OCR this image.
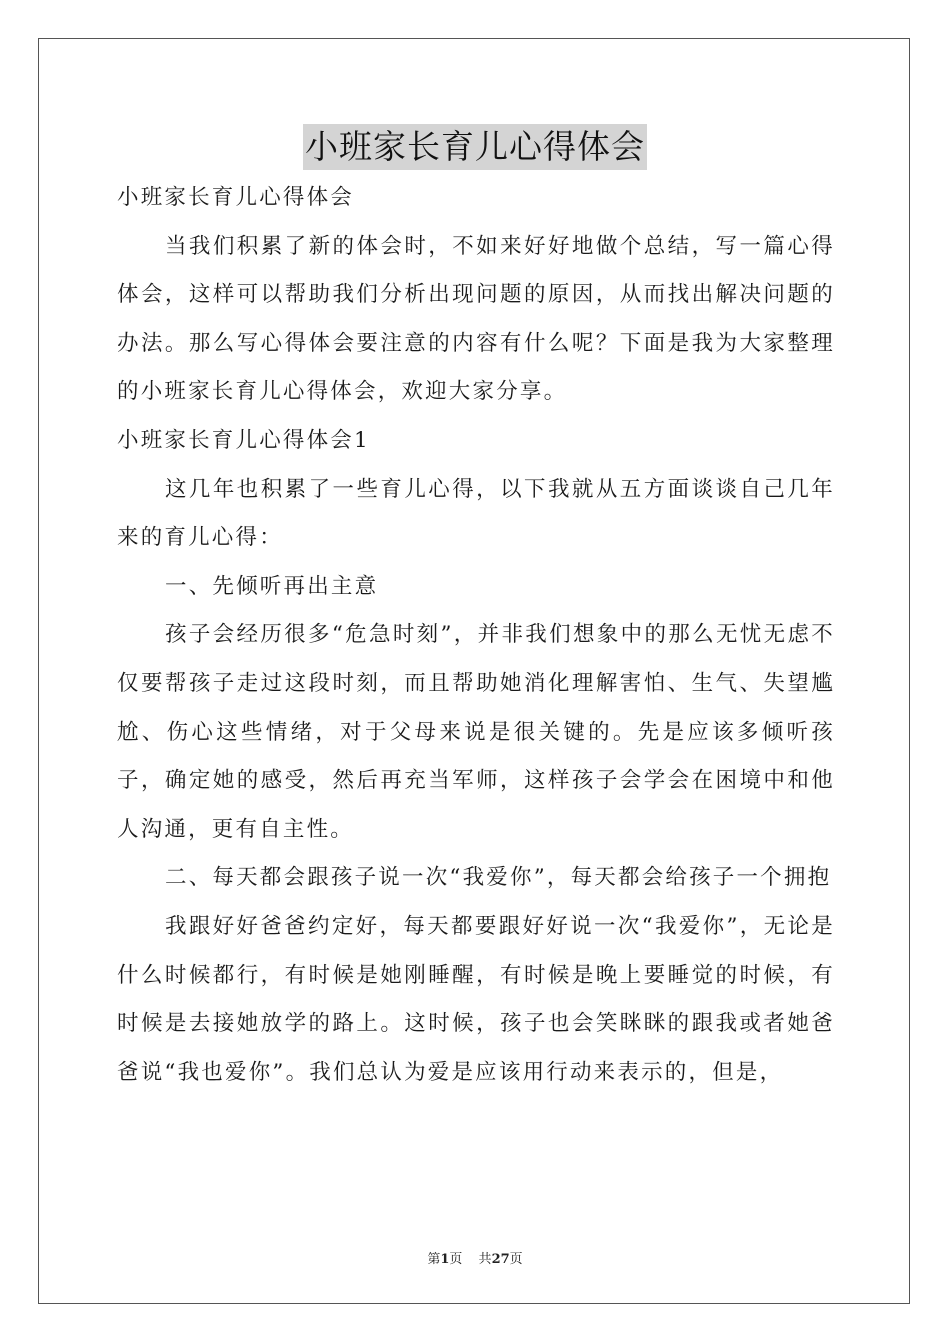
小班家长育儿心得体会

小班家长育儿心得体会

当我们积累了新的体会时，不如来好好地做个总结，写一篇心得体会，这样可以帮助我们分析出现问题的原因，从而找出解决问题的办法。那么写心得体会要注意的内容有什么呢？下面是我为大家整理的小班家长育儿心得体会，欢迎大家分享。

小班家长育儿心得体会1

这几年也积累了一些育儿心得，以下我就从五方面谈谈自己几年来的育儿心得：

一、先倾听再出主意

孩子会经历很多“危急时刻”，并非我们想象中的那么无忧无虑不仅要帮孩子走过这段时刻，而且帮助她消化理解害怕、生气、失望尴尬、伤心这些情绪，对于父母来说是很关键的。先是应该多倾听孩子，确定她的感受，然后再充当军师，这样孩子会学会在困境中和他人沟通，更有自主性。

二、每天都会跟孩子说一次“我爱你”，每天都会给孩子一个拥抱

我跟好好爸爸约定好，每天都要跟好好说一次“我爱你”，无论是什么时候都行，有时候是她刚睡醒，有时候是晚上要睡觉的时候，有时候是去接她放学的路上。这时候，孩子也会笑眯眯的跟我或者她爸爸说“我也爱你”。我们总认为爱是应该用行动来表示的，但是，

第1页 共27页
